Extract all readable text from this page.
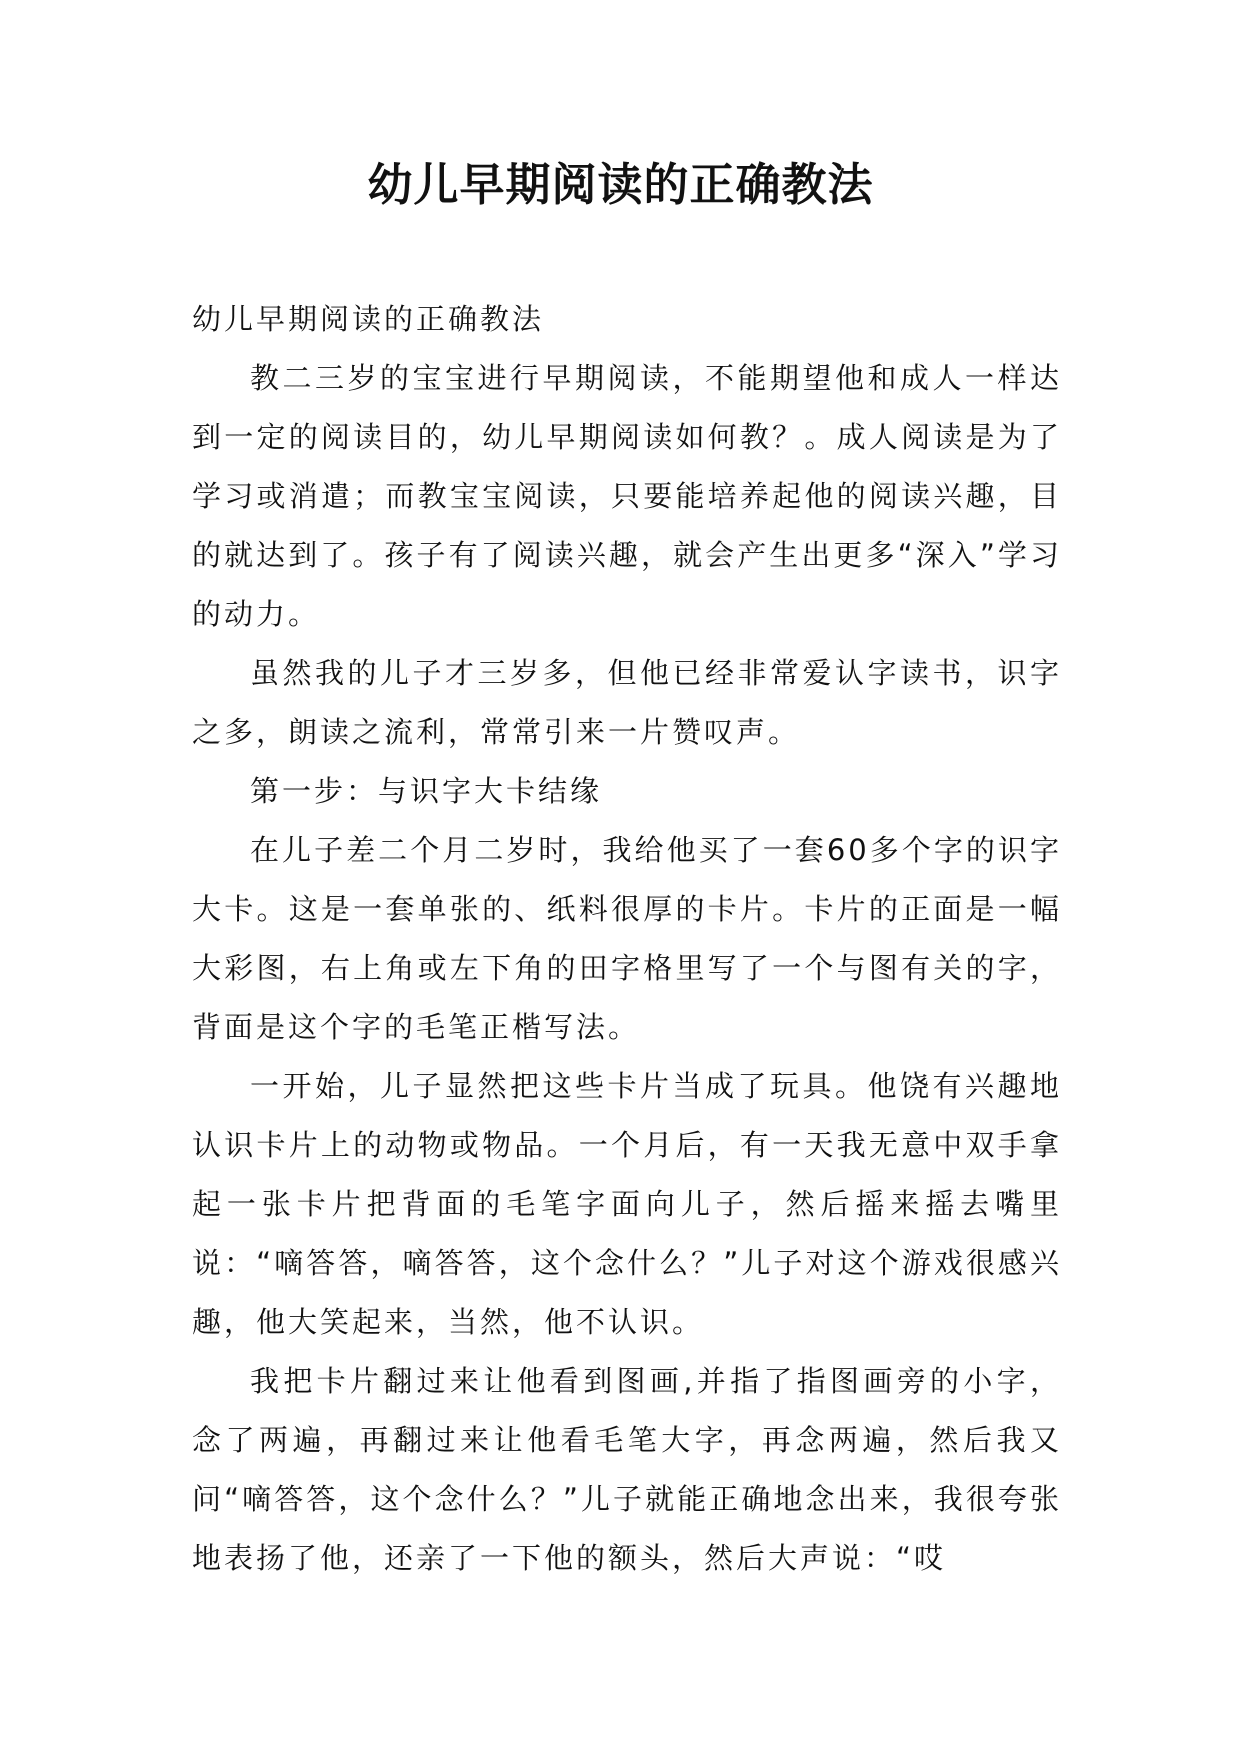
幼儿早期阅读的正确教法

幼儿早期阅读的正确教法

教二三岁的宝宝进行早期阅读，不能期望他和成人一样达到一定的阅读目的，幼儿早期阅读如何教？。成人阅读是为了学习或消遣；而教宝宝阅读，只要能培养起他的阅读兴趣，目的就达到了。孩子有了阅读兴趣，就会产生出更多“深入”学习的动力。

虽然我的儿子才三岁多，但他已经非常爱认字读书，识字之多，朗读之流利，常常引来一片赞叹声。

第一步：与识字大卡结缘

在儿子差二个月二岁时，我给他买了一套60多个字的识字大卡。这是一套单张的、纸料很厚的卡片。卡片的正面是一幅大彩图，右上角或左下角的田字格里写了一个与图有关的字，背面是这个字的毛笔正楷写法。

一开始，儿子显然把这些卡片当成了玩具。他饶有兴趣地认识卡片上的动物或物品。一个月后，有一天我无意中双手拿起一张卡片把背面的毛笔字面向儿子，然后摇来摇去嘴里说：“嘀答答，嘀答答，这个念什么？”儿子对这个游戏很感兴趣，他大笑起来，当然，他不认识。

我把卡片翻过来让他看到图画,并指了指图画旁的小字，念了两遍，再翻过来让他看毛笔大字，再念两遍，然后我又问“嘀答答，这个念什么？”儿子就能正确地念出来，我很夸张地表扬了他，还亲了一下他的额头，然后大声说：“哎
